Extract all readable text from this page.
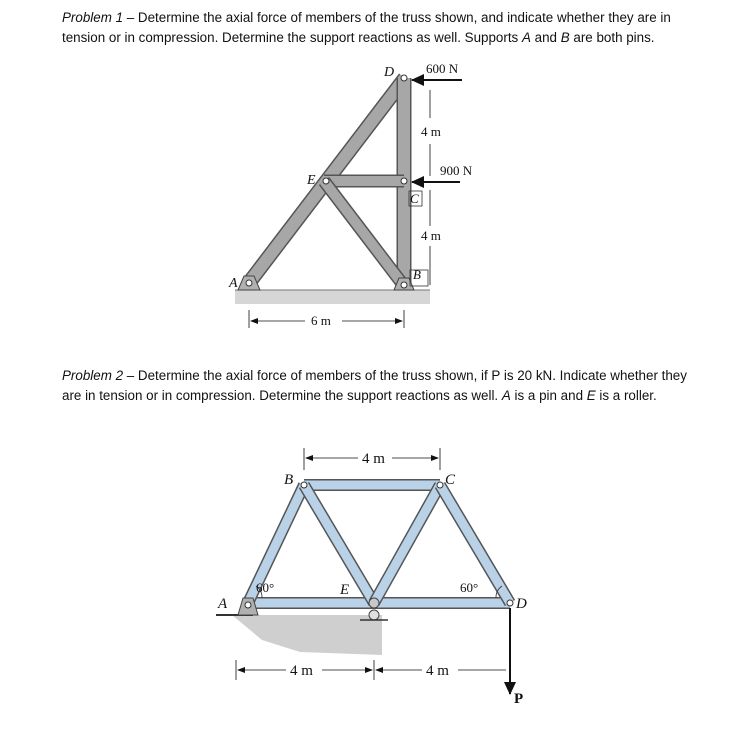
Problem 1 – Determine the axial force of members of the truss shown, and indicate whether they are in tension or in compression. Determine the support reactions as well. Supports A and B are both pins.

Problem 2 – Determine the axial force of members of the truss shown, if P is 20 kN. Indicate whether they are in tension or in compression. Determine the support reactions as well. A is a pin and E is a roller.

D
E
C
B
A
600 N
900 N
4 m
4 m
6 m
B	C
A
E
D
60°	60°
4 m
4 m	4 m
P
